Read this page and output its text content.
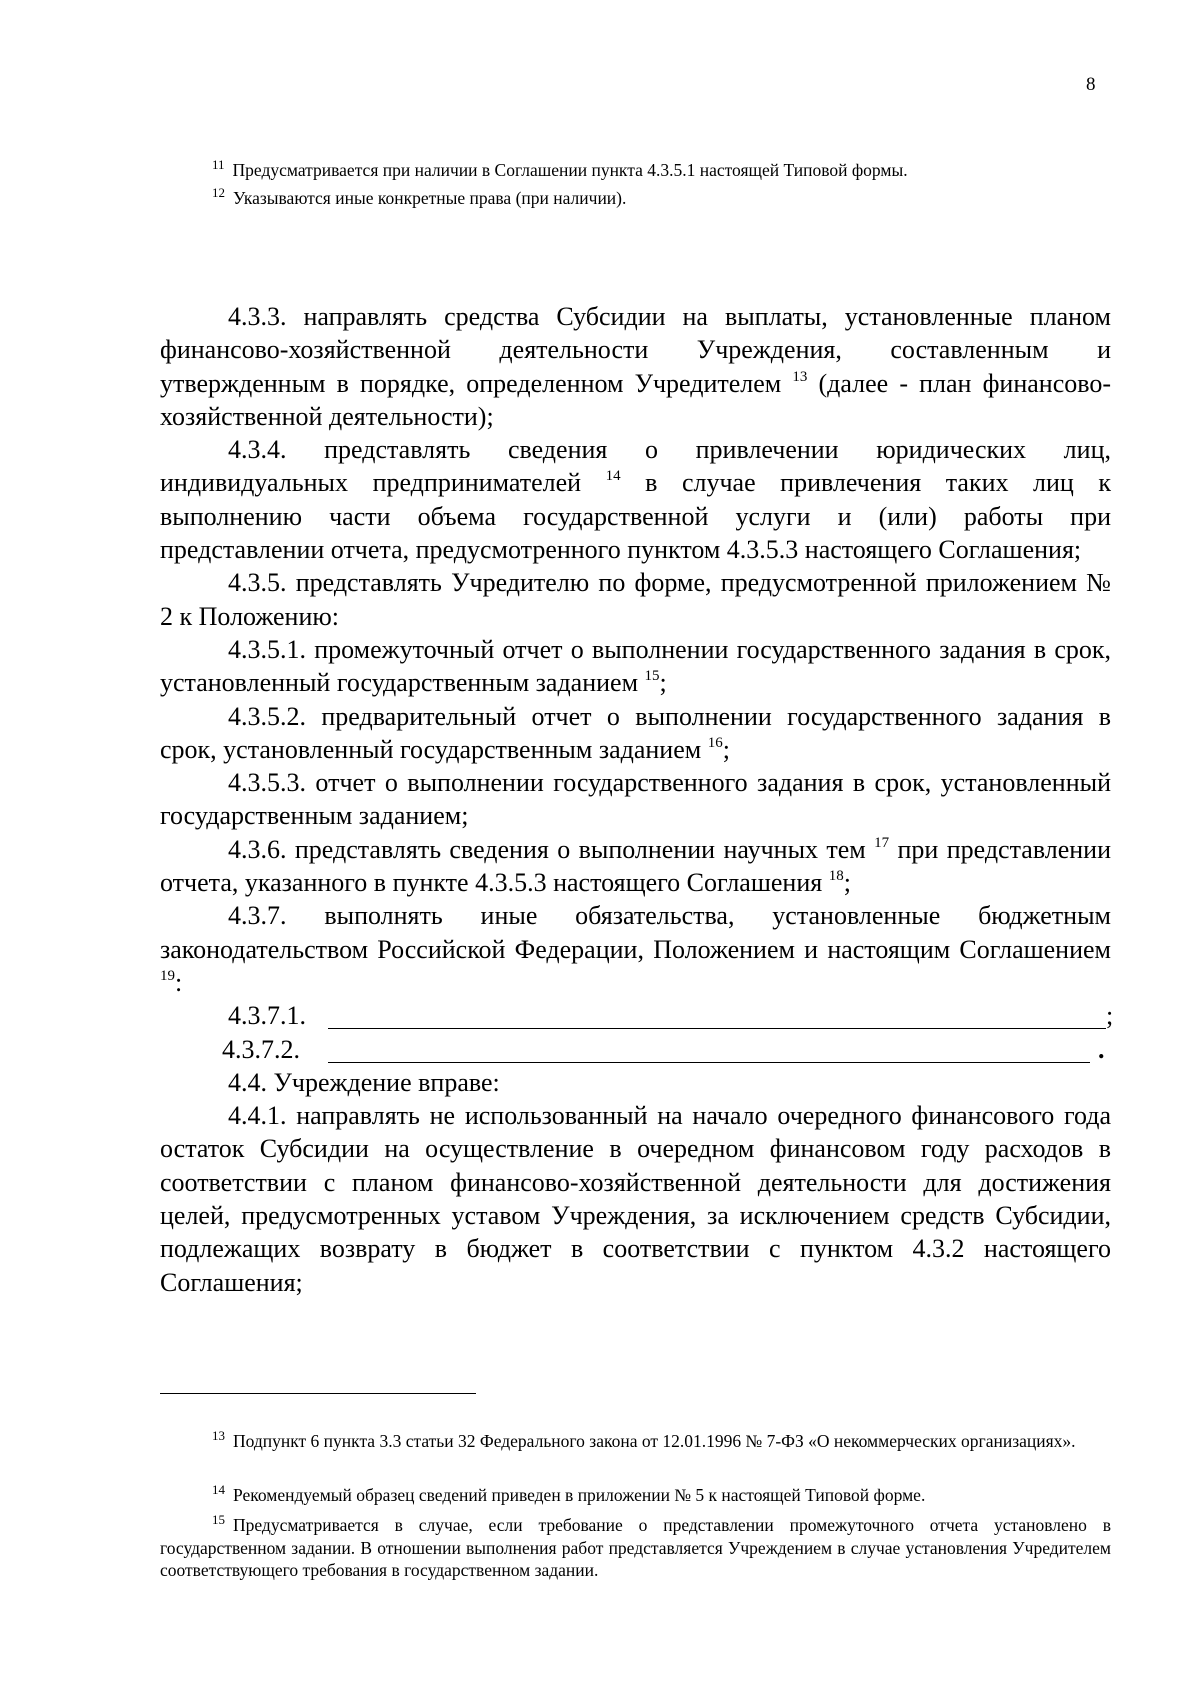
8
$^{11}$ Предусматривается при наличии в Соглашении пункта 4.3.5.1 настоящей Типовой формы.
$^{12}$ Указываются иные конкретные права (при наличии).

4.3.3. направлять средства Субсидии на выплаты, установленные планом финансово-хозяйственной деятельности Учреждения, составленным и утвержденным в порядке, определенном Учредителем $^{13}$ (далее - план финансово-хозяйственной деятельности);

4.3.4. представлять сведения о привлечении юридических лиц, индивидуальных предпринимателей $^{14}$ в случае привлечения таких лиц к выполнению части объема государственной услуги и (или) работы при представлении отчета, предусмотренного пунктом 4.3.5.3 настоящего Соглашения;

4.3.5. представлять Учредителю по форме, предусмотренной приложением № 2 к Положению:

4.3.5.1. промежуточный отчет о выполнении государственного задания в срок, установленный государственным заданием $^{15}$;

4.3.5.2. предварительный отчет о выполнении государственного задания в срок, установленный государственным заданием $^{16}$;

4.3.5.3. отчет о выполнении государственного задания в срок, установленный государственным заданием;

4.3.6. представлять сведения о выполнении научных тем $^{17}$ при представлении отчета, указанного в пункте 4.3.5.3 настоящего Соглашения $^{18}$;

4.3.7. выполнять иные обязательства, установленные бюджетным законодательством Российской Федерации, Положением и настоящим Соглашением $^{19}$:

4.3.7.1.	;
4.3.7.2.	.

4.4. Учреждение вправе:

4.4.1. направлять не использованный на начало очередного финансового года остаток Субсидии на осуществление в очередном финансовом году расходов в соответствии с планом финансово-хозяйственной деятельности для достижения целей, предусмотренных уставом Учреждения, за исключением средств Субсидии, подлежащих возврату в бюджет в соответствии с пунктом 4.3.2 настоящего Соглашения;

$^{13}$ Подпункт 6 пункта 3.3 статьи 32 Федерального закона от 12.01.1996 № 7-ФЗ «О некоммерческих организациях».

$^{14}$ Рекомендуемый образец сведений приведен в приложении № 5 к настоящей Типовой форме.

$^{15}$ Предусматривается в случае, если требование о представлении промежуточного отчета установлено в государственном задании. В отношении выполнения работ представляется Учреждением в случае установления Учредителем соответствующего требования в государственном задании.
